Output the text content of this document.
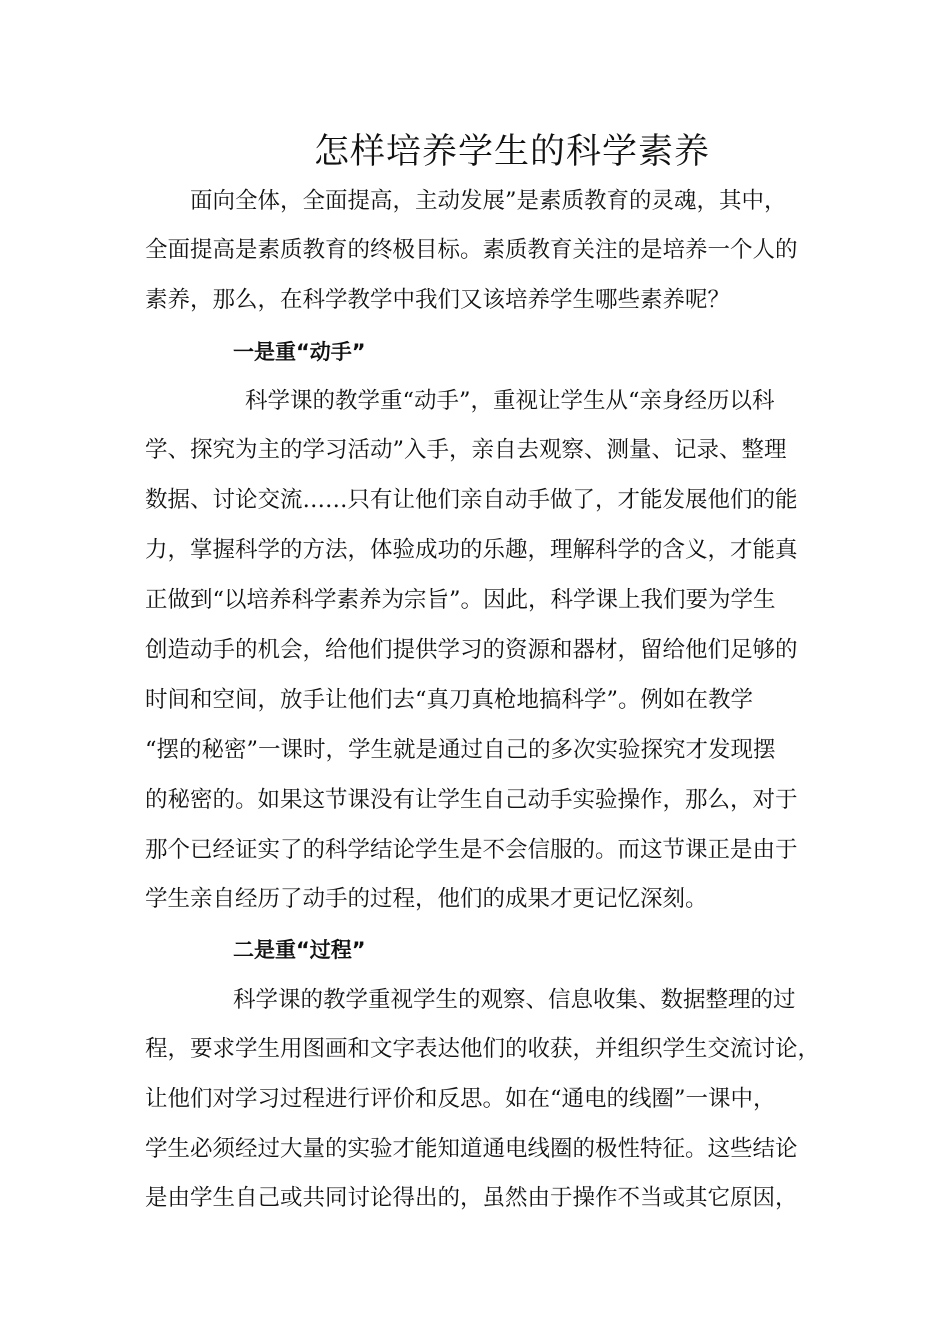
怎样培养学生的科学素养

面向全体，全面提高，主动发展”是素质教育的灵魂，其中，

全面提高是素质教育的终极目标。素质教育关注的是培养一个人的

素养，那么，在科学教学中我们又该培养学生哪些素养呢？

一是重“动手”

科学课的教学重“动手”，重视让学生从“亲身经历以科

学、探究为主的学习活动”入手，亲自去观察、测量、记录、整理

数据、讨论交流……只有让他们亲自动手做了，才能发展他们的能

力，掌握科学的方法，体验成功的乐趣，理解科学的含义，才能真

正做到“以培养科学素养为宗旨”。因此，科学课上我们要为学生

创造动手的机会，给他们提供学习的资源和器材，留给他们足够的

时间和空间，放手让他们去“真刀真枪地搞科学”。例如在教学

“摆的秘密”一课时，学生就是通过自己的多次实验探究才发现摆

的秘密的。如果这节课没有让学生自己动手实验操作，那么，对于

那个已经证实了的科学结论学生是不会信服的。而这节课正是由于

学生亲自经历了动手的过程，他们的成果才更记忆深刻。

二是重“过程”

科学课的教学重视学生的观察、信息收集、数据整理的过

程，要求学生用图画和文字表达他们的收获，并组织学生交流讨论，

让他们对学习过程进行评价和反思。如在“通电的线圈”一课中，

学生必须经过大量的实验才能知道通电线圈的极性特征。这些结论

是由学生自己或共同讨论得出的，虽然由于操作不当或其它原因，
